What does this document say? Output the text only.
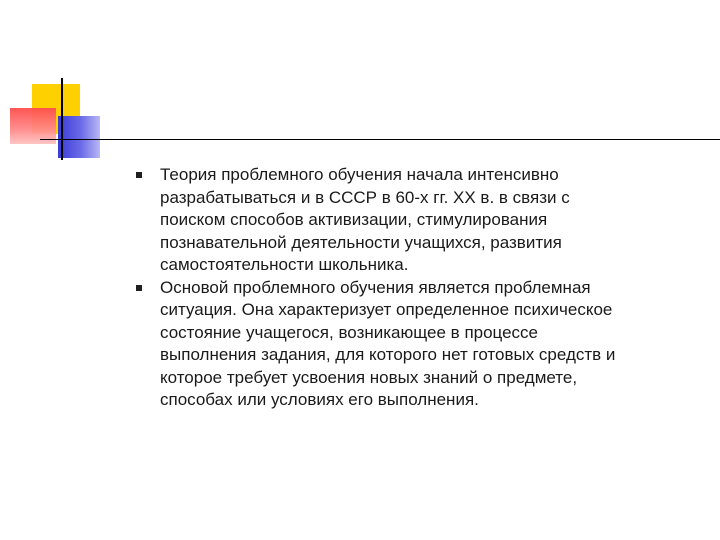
Теория проблемного обучения начала интенсивно
разрабатываться и в СССР в 60-х гг. XX в. в связи с
поиском способов активизации, стимулирования
познавательной деятельности учащихся, развития
самостоятельности школьника.
Основой проблемного обучения является проблемная
ситуация. Она характеризует определенное психическое
состояние учащегося, возникающее в процессе
выполнения задания, для которого нет готовых средств и
которое требует усвоения новых знаний о предмете,
способах или условиях его выполнения.
